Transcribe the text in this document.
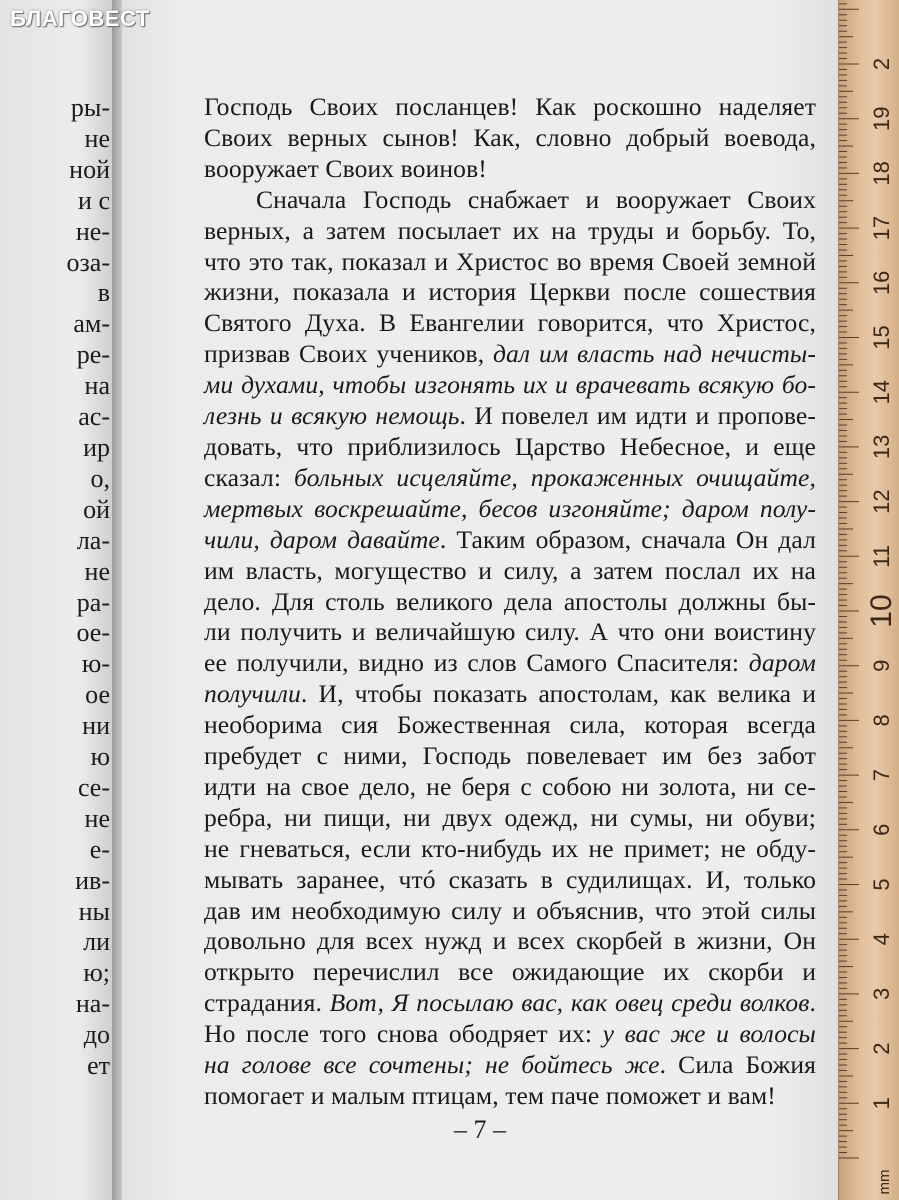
ры-
не
ной
и с
не-
оза-
в
ам-
ре-
на
ас-
ир
о,
ой
ла-
не
ра-
ое-
ю-
ое
ни
ю
се-
не
е-
ив-
ны
ли
ю;
на-
до
ет
Господь Своих посланцев! Как роскошно наделяет
Своих верных сынов! Как, словно добрый воевода,
вооружает Своих воинов!
Сначала Господь снабжает и вооружает Своих
верных, а затем посылает их на труды и борьбу. То,
что это так, показал и Христос во время Своей земной
жизни, показала и история Церкви после сошествия
Святого Духа. В Евангелии говорится, что Христос,
призвав Своих учеников, дал им власть над нечисты-
ми духами, чтобы изгонять их и врачевать всякую бо-
лезнь и всякую немощь. И повелел им идти и пропове-
довать, что приблизилось Царство Небесное, и еще
сказал: больных исцеляйте, прокаженных очищайте,
мертвых воскрешайте, бесов изгоняйте; даром полу-
чили, даром давайте. Таким образом, сначала Он дал
им власть, могущество и силу, а затем послал их на
дело. Для столь великого дела апостолы должны бы-
ли получить и величайшую силу. А что они воистину
ее получили, видно из слов Самого Спасителя: даром
получили. И, чтобы показать апостолам, как велика и
необорима сия Божественная сила, которая всегда
пребудет с ними, Господь повелевает им без забот
идти на свое дело, не беря с собою ни золота, ни се-
ребра, ни пищи, ни двух одежд, ни сумы, ни обуви;
не гневаться, если кто-нибудь их не примет; не обду-
мывать заранее, чтó сказать в судилищах. И, только
дав им необходимую силу и объяснив, что этой силы
довольно для всех нужд и всех скорбей в жизни, Он
открыто перечислил все ожидающие их скорби и
страдания. Вот, Я посылаю вас, как овец среди волков.
Но после того снова ободряет их: у вас же и волосы
на голове все сочтены; не бойтесь же. Сила Божия
помогает и малым птицам, тем паче поможет и вам!
– 7 –
БЛАГОВЕСТ
2
19
18
17
16
15
14
13
12
11
10
9
8
7
6
5
4
3
2
1
mm
